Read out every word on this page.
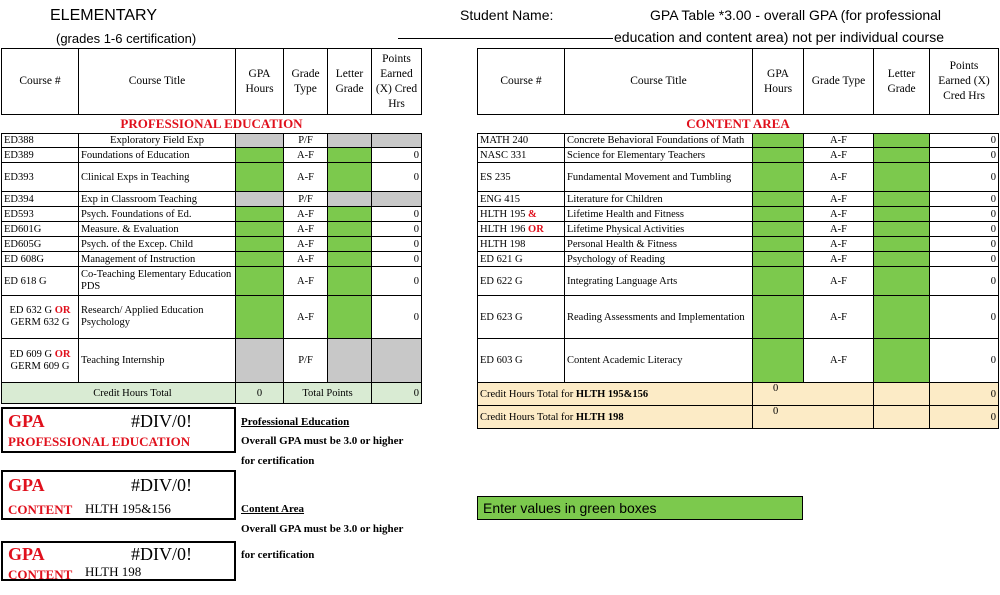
ELEMENTARY
(grades 1-6 certification)
Student Name:	GPA Table *3.00 - overall GPA (for professional
education and content area) not per individual course
Course #	Course Title	GPA Hours	Grade Type	Letter Grade	Points Earned (X) Cred Hrs
PROFESSIONAL EDUCATION					
ED388	Exploratory Field Exp		P/F		
ED389	Foundations of Education		A-F		0
ED393	Clinical Exps in Teaching		A-F		0
ED394	Exp in Classroom Teaching		P/F		
ED593	Psych. Foundations of Ed.		A-F		0
ED601G	Measure. & Evaluation		A-F		0
ED605G	Psych. of the Excep. Child		A-F		0
ED 608G	Management of Instruction		A-F		0
ED 618 G	Co-Teaching Elementary Education PDS		A-F		0
ED 632 G OR
GERM 632 G	Research/ Applied Education Psychology		A-F		0
ED 609 G OR
GERM 609 G	Teaching Internship		P/F		
Credit Hours Total		0	Total Points		0
Course #	Course Title	GPA Hours	Grade Type	Letter Grade	Points Earned (X) Cred Hrs
CONTENT AREA					
MATH 240	Concrete Behavioral Foundations of Math		A-F		0
NASC 331	Science for Elementary Teachers		A-F		0
ES 235	Fundamental Movement and Tumbling		A-F		0
ENG 415	Literature for Children		A-F		0
HLTH 195 &	Lifetime Health and Fitness		A-F		0
HLTH 196 OR	Lifetime Physical Activities		A-F		0
HLTH 198	Personal Health & Fitness		A-F		0
ED 621 G	Psychology of Reading		A-F		0
ED 622 G	Integrating Language Arts		A-F		0
ED 623 G	Reading Assessments and Implementation		A-F		0
ED 603 G	Content Academic Literacy		A-F		0
Credit Hours Total for HLTH 195&156		0			0
Credit Hours Total for HLTH 198		0			0
GPA	#DIV/0!
PROFESSIONAL EDUCATION
GPA	#DIV/0!
CONTENT HLTH 195&156
GPA	#DIV/0!
CONTENT HLTH 198
Professional Education
Overall GPA must be 3.0 or higher
for certification
Content Area
Overall GPA must be 3.0 or higher
for certification
Enter values in green boxes
